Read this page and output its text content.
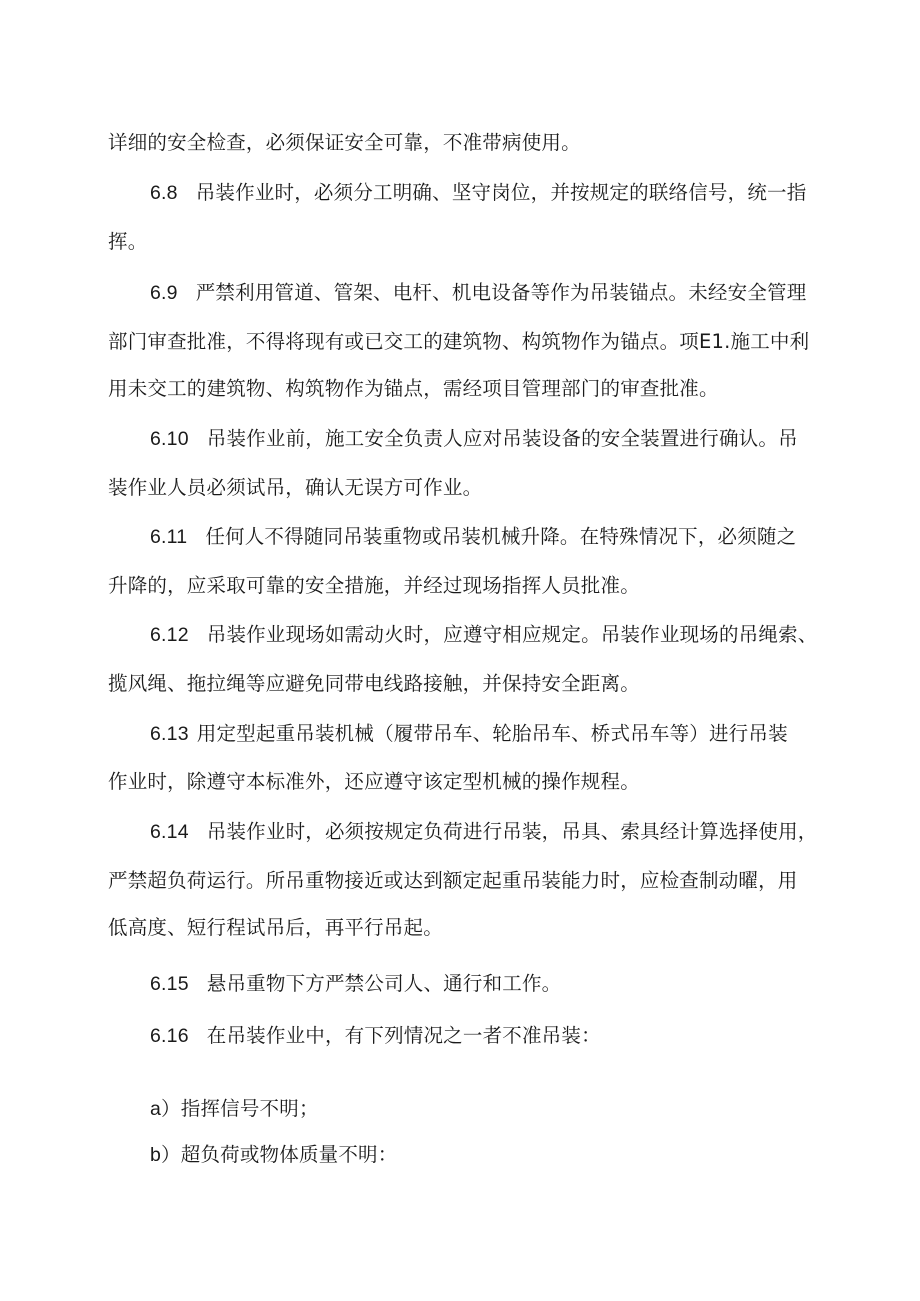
详细的安全检查，必须保证安全可靠，不准带病使用。
6.8 吊装作业时，必须分工明确、坚守岗位，并按规定的联络信号，统一指
挥。
6.9 严禁利用管道、管架、电杆、机电设备等作为吊装锚点。未经安全管理
部门审查批准，不得将现有或已交工的建筑物、构筑物作为锚点。项E1.施工中利
用未交工的建筑物、构筑物作为锚点，需经项目管理部门的审查批准。
6.10 吊装作业前，施工安全负责人应对吊装设备的安全装置进行确认。吊
装作业人员必须试吊，确认无误方可作业。
6.11 任何人不得随同吊装重物或吊装机械升降。在特殊情况下，必须随之
升降的，应采取可靠的安全措施，并经过现场指挥人员批准。
6.12 吊装作业现场如需动火时，应遵守相应规定。吊装作业现场的吊绳索、
揽风绳、拖拉绳等应避免同带电线路接触，并保持安全距离。
6.13 用定型起重吊装机械（履带吊车、轮胎吊车、桥式吊车等）进行吊装
作业时，除遵守本标准外，还应遵守该定型机械的操作规程。
6.14 吊装作业时，必须按规定负荷进行吊装，吊具、索具经计算选择使用，
严禁超负荷运行。所吊重物接近或达到额定起重吊装能力时，应检查制动曜，用
低高度、短行程试吊后，再平行吊起。
6.15 悬吊重物下方严禁公司人、通行和工作。
6.16 在吊装作业中，有下列情况之一者不准吊装：
a）指挥信号不明；
b）超负荷或物体质量不明：
